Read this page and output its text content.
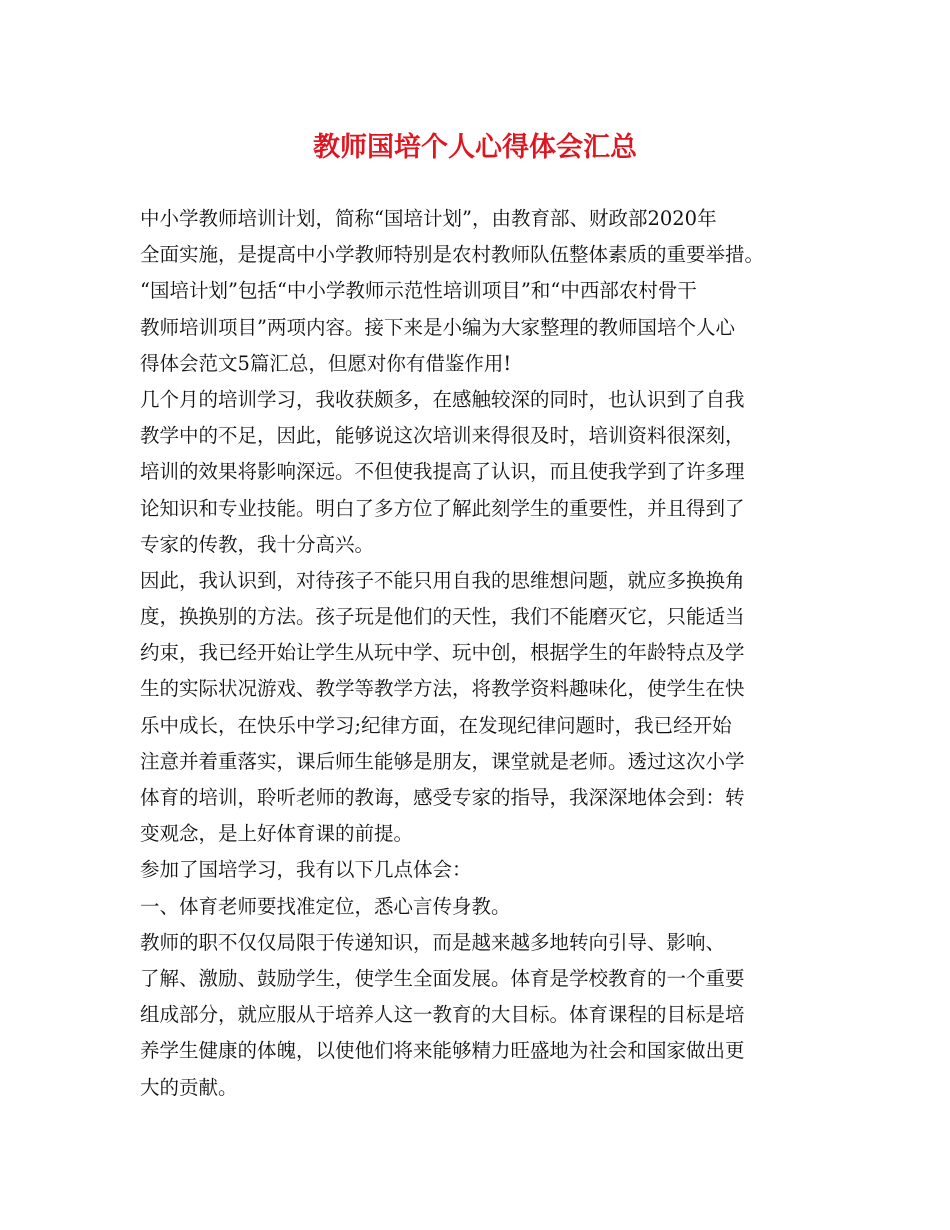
教师国培个人心得体会汇总
中小学教师培训计划，简称“国培计划”，由教育部、财政部2020年
全面实施，是提高中小学教师特别是农村教师队伍整体素质的重要举措。
“国培计划”包括“中小学教师示范性培训项目”和“中西部农村骨干
教师培训项目”两项内容。接下来是小编为大家整理的教师国培个人心
得体会范文5篇汇总，但愿对你有借鉴作用!
几个月的培训学习，我收获颇多，在感触较深的同时，也认识到了自我
教学中的不足，因此，能够说这次培训来得很及时，培训资料很深刻，
培训的效果将影响深远。不但使我提高了认识，而且使我学到了许多理
论知识和专业技能。明白了多方位了解此刻学生的重要性，并且得到了
专家的传教，我十分高兴。
因此，我认识到，对待孩子不能只用自我的思维想问题，就应多换换角
度，换换别的方法。孩子玩是他们的天性，我们不能磨灭它，只能适当
约束，我已经开始让学生从玩中学、玩中创，根据学生的年龄特点及学
生的实际状况游戏、教学等教学方法，将教学资料趣味化，使学生在快
乐中成长，在快乐中学习;纪律方面，在发现纪律问题时，我已经开始
注意并着重落实，课后师生能够是朋友，课堂就是老师。透过这次小学
体育的培训，聆听老师的教诲，感受专家的指导，我深深地体会到：转
变观念，是上好体育课的前提。
参加了国培学习，我有以下几点体会：
一、体育老师要找准定位，悉心言传身教。
教师的职不仅仅局限于传递知识，而是越来越多地转向引导、影响、
了解、激励、鼓励学生，使学生全面发展。体育是学校教育的一个重要
组成部分，就应服从于培养人这一教育的大目标。体育课程的目标是培
养学生健康的体魄，以使他们将来能够精力旺盛地为社会和国家做出更
大的贡献。
